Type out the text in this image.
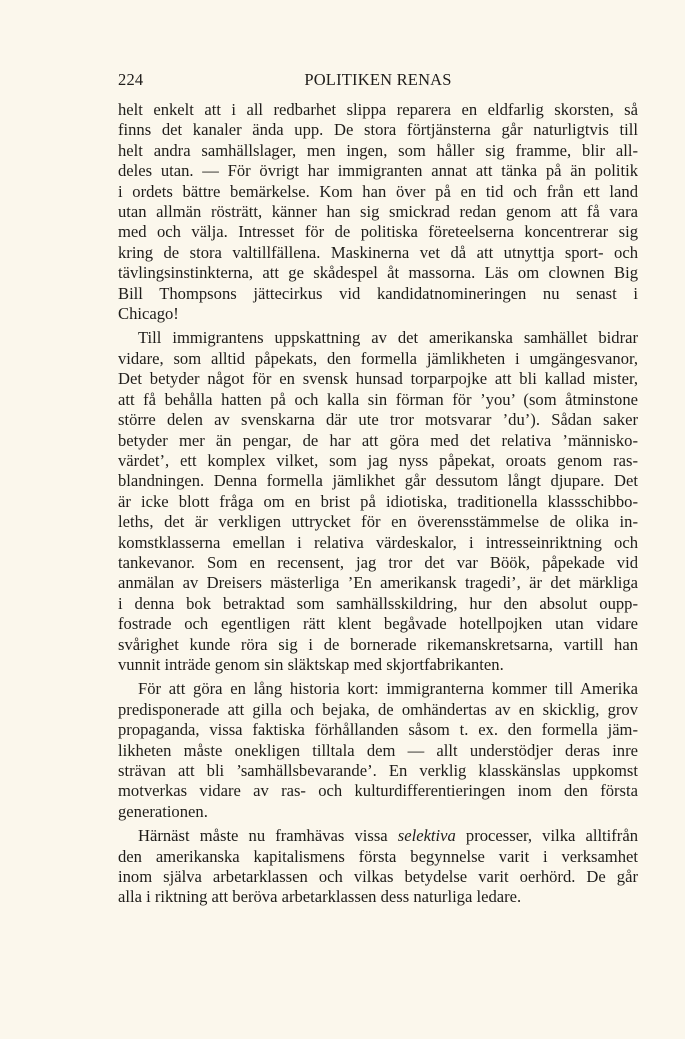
224	POLITIKEN RENAS
helt enkelt att i all redbarhet slippa reparera en eldfarlig skorsten, så
finns det kanaler ända upp. De stora förtjänsterna går naturligtvis till
helt andra samhällslager, men ingen, som håller sig framme, blir all-
deles utan. — För övrigt har immigranten annat att tänka på än politik
i ordets bättre bemärkelse. Kom han över på en tid och från ett land
utan allmän rösträtt, känner han sig smickrad redan genom att få vara
med och välja. Intresset för de politiska företeelserna koncentrerar sig
kring de stora valtillfällena. Maskinerna vet då att utnyttja sport- och
tävlingsinstinkterna, att ge skådespel åt massorna. Läs om clownen Big
Bill Thompsons jättecirkus vid kandidatnomineringen nu senast i
Chicago!
Till immigrantens uppskattning av det amerikanska samhället bidrar
vidare, som alltid påpekats, den formella jämlikheten i umgängesvanor,
Det betyder något för en svensk hunsad torparpojke att bli kallad mister,
att få behålla hatten på och kalla sin förman för ’you’ (som åtminstone
större delen av svenskarna där ute tror motsvarar ’du’). Sådan saker
betyder mer än pengar, de har att göra med det relativa ’människo-
värdet’, ett komplex vilket, som jag nyss påpekat, oroats genom ras-
blandningen. Denna formella jämlikhet går dessutom långt djupare. Det
är icke blott fråga om en brist på idiotiska, traditionella klassschibbo-
leths, det är verkligen uttrycket för en överensstämmelse de olika in-
komstklasserna emellan i relativa värdeskalor, i intresseinriktning och
tankevanor. Som en recensent, jag tror det var Böök, påpekade vid
anmälan av Dreisers mästerliga ’En amerikansk tragedi’, är det märkliga
i denna bok betraktad som samhällsskildring, hur den absolut oupp-
fostrade och egentligen rätt klent begåvade hotellpojken utan vidare
svårighet kunde röra sig i de bornerade rikemanskretsarna, vartill han
vunnit inträde genom sin släktskap med skjortfabrikanten.
För att göra en lång historia kort: immigranterna kommer till Amerika
predisponerade att gilla och bejaka, de omhändertas av en skicklig, grov
propaganda, vissa faktiska förhållanden såsom t. ex. den formella jäm-
likheten måste onekligen tilltala dem — allt understödjer deras inre
strävan att bli ’samhällsbevarande’. En verklig klasskänslas uppkomst
motverkas vidare av ras- och kulturdifferentieringen inom den första
generationen.
Härnäst måste nu framhävas vissa selektiva processer, vilka alltifrån
den amerikanska kapitalismens första begynnelse varit i verksamhet
inom själva arbetarklassen och vilkas betydelse varit oerhörd. De går
alla i riktning att beröva arbetarklassen dess naturliga ledare.
